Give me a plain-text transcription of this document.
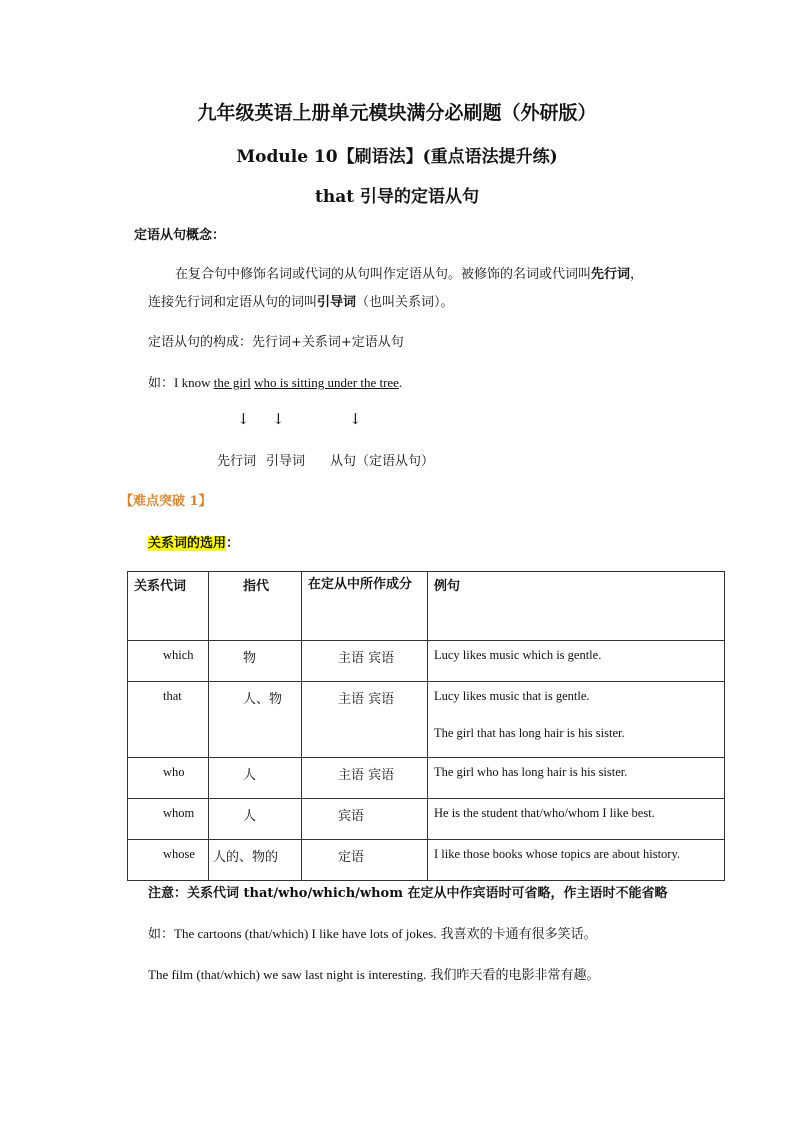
九年级英语上册单元模块满分必刷题（外研版）
Module 10【刷语法】(重点语法提升练)
that 引导的定语从句
定语从句概念：
在复合句中修饰名词或代词的从句叫作定语从句。被修饰的名词或代词叫先行词，
连接先行词和定语从句的词叫引导词（也叫关系词）。
定语从句的构成：先行词+关系词+定语从句
如：I know the girl who is sitting under the tree.
↓ ↓	↓
先行词 引导词 从句（定语从句）
【难点突破 1】
关系词的选用：
关系代词	指代	在定从中所作成分	例句

which	物	主语 宾语	Lucy likes music which is gentle.

that	人、物	主语 宾语	Lucy likes music that is gentle.
The girl that has long hair is his sister.

who	人	主语 宾语	The girl who has long hair is his sister.

whom	人	宾语	He is the student that/who/whom I like best.

whose	人的、物的	定语	I like those books whose topics are about history.
注意：关系代词 that/who/which/whom 在定从中作宾语时可省略，作主语时不能省略
如：The cartoons (that/which) I like have lots of jokes. 我喜欢的卡通有很多笑话。
The film (that/which) we saw last night is interesting. 我们昨天看的电影非常有趣。
